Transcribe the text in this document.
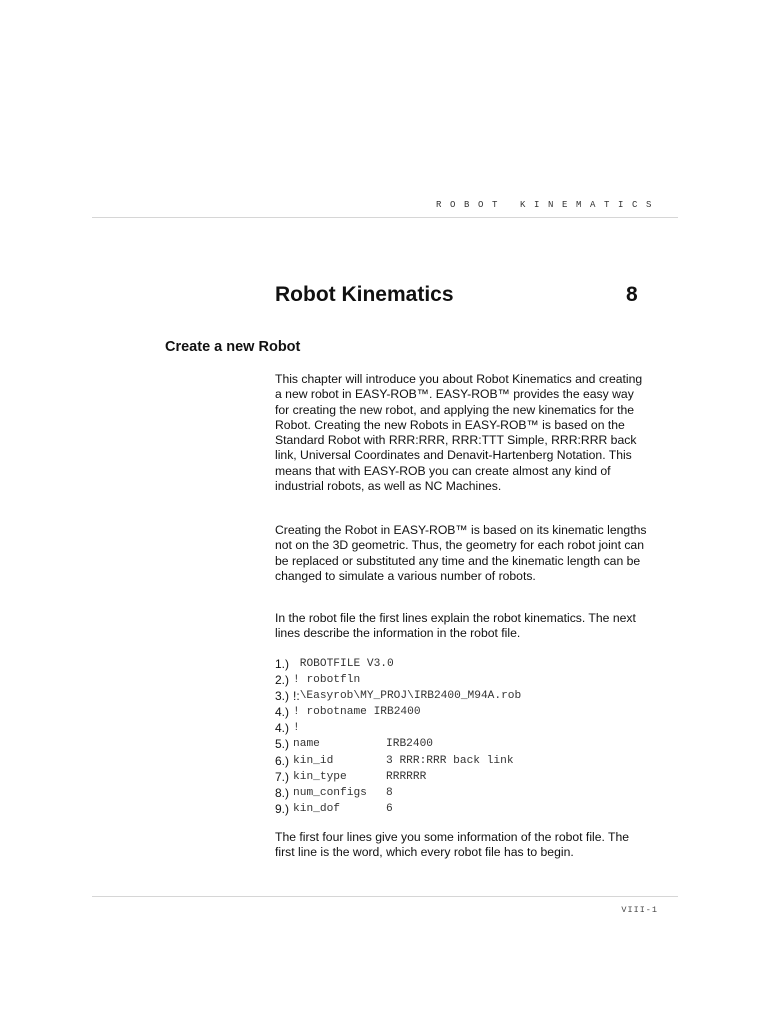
ROBOT KINEMATICS
Robot Kinematics	8
Create a new Robot

This chapter will introduce you about Robot Kinematics and creating a new robot in EASY-ROB™. EASY-ROB™ provides the easy way for creating the new robot, and applying the new kinematics for the Robot. Creating the new Robots in EASY-ROB™ is based on the Standard Robot with RRR:RRR, RRR:TTT Simple, RRR:RRR back link, Universal Coordinates and Denavit-Hartenberg Notation. This means that with EASY-ROB you can create almost any kind of industrial robots, as well as NC Machines.

Creating the Robot in EASY-ROB™ is based on its kinematic lengths not on the 3D geometric. Thus, the geometry for each robot joint can be replaced or substituted any time and the kinematic length can be changed to simulate a various number of robots.

In the robot file the first lines explain the robot kinematics. The next lines describe the information in the robot file.

1.) ROBOTFILE V3.0
2.) ! robotfln
3.) !: \Easyrob\MY_PROJ\IRB2400_M94A.rob
4.) ! robotname IRB2400
4.) !
5.) name	IRB2400
6.) kin_id	3 RRR:RRR back link
7.) kin_type	RRRRRR
8.) num_configs	8
9.) kin_dof	6

The first four lines give you some information of the robot file. The first line is the word, which every robot file has to begin.

VIII-1
